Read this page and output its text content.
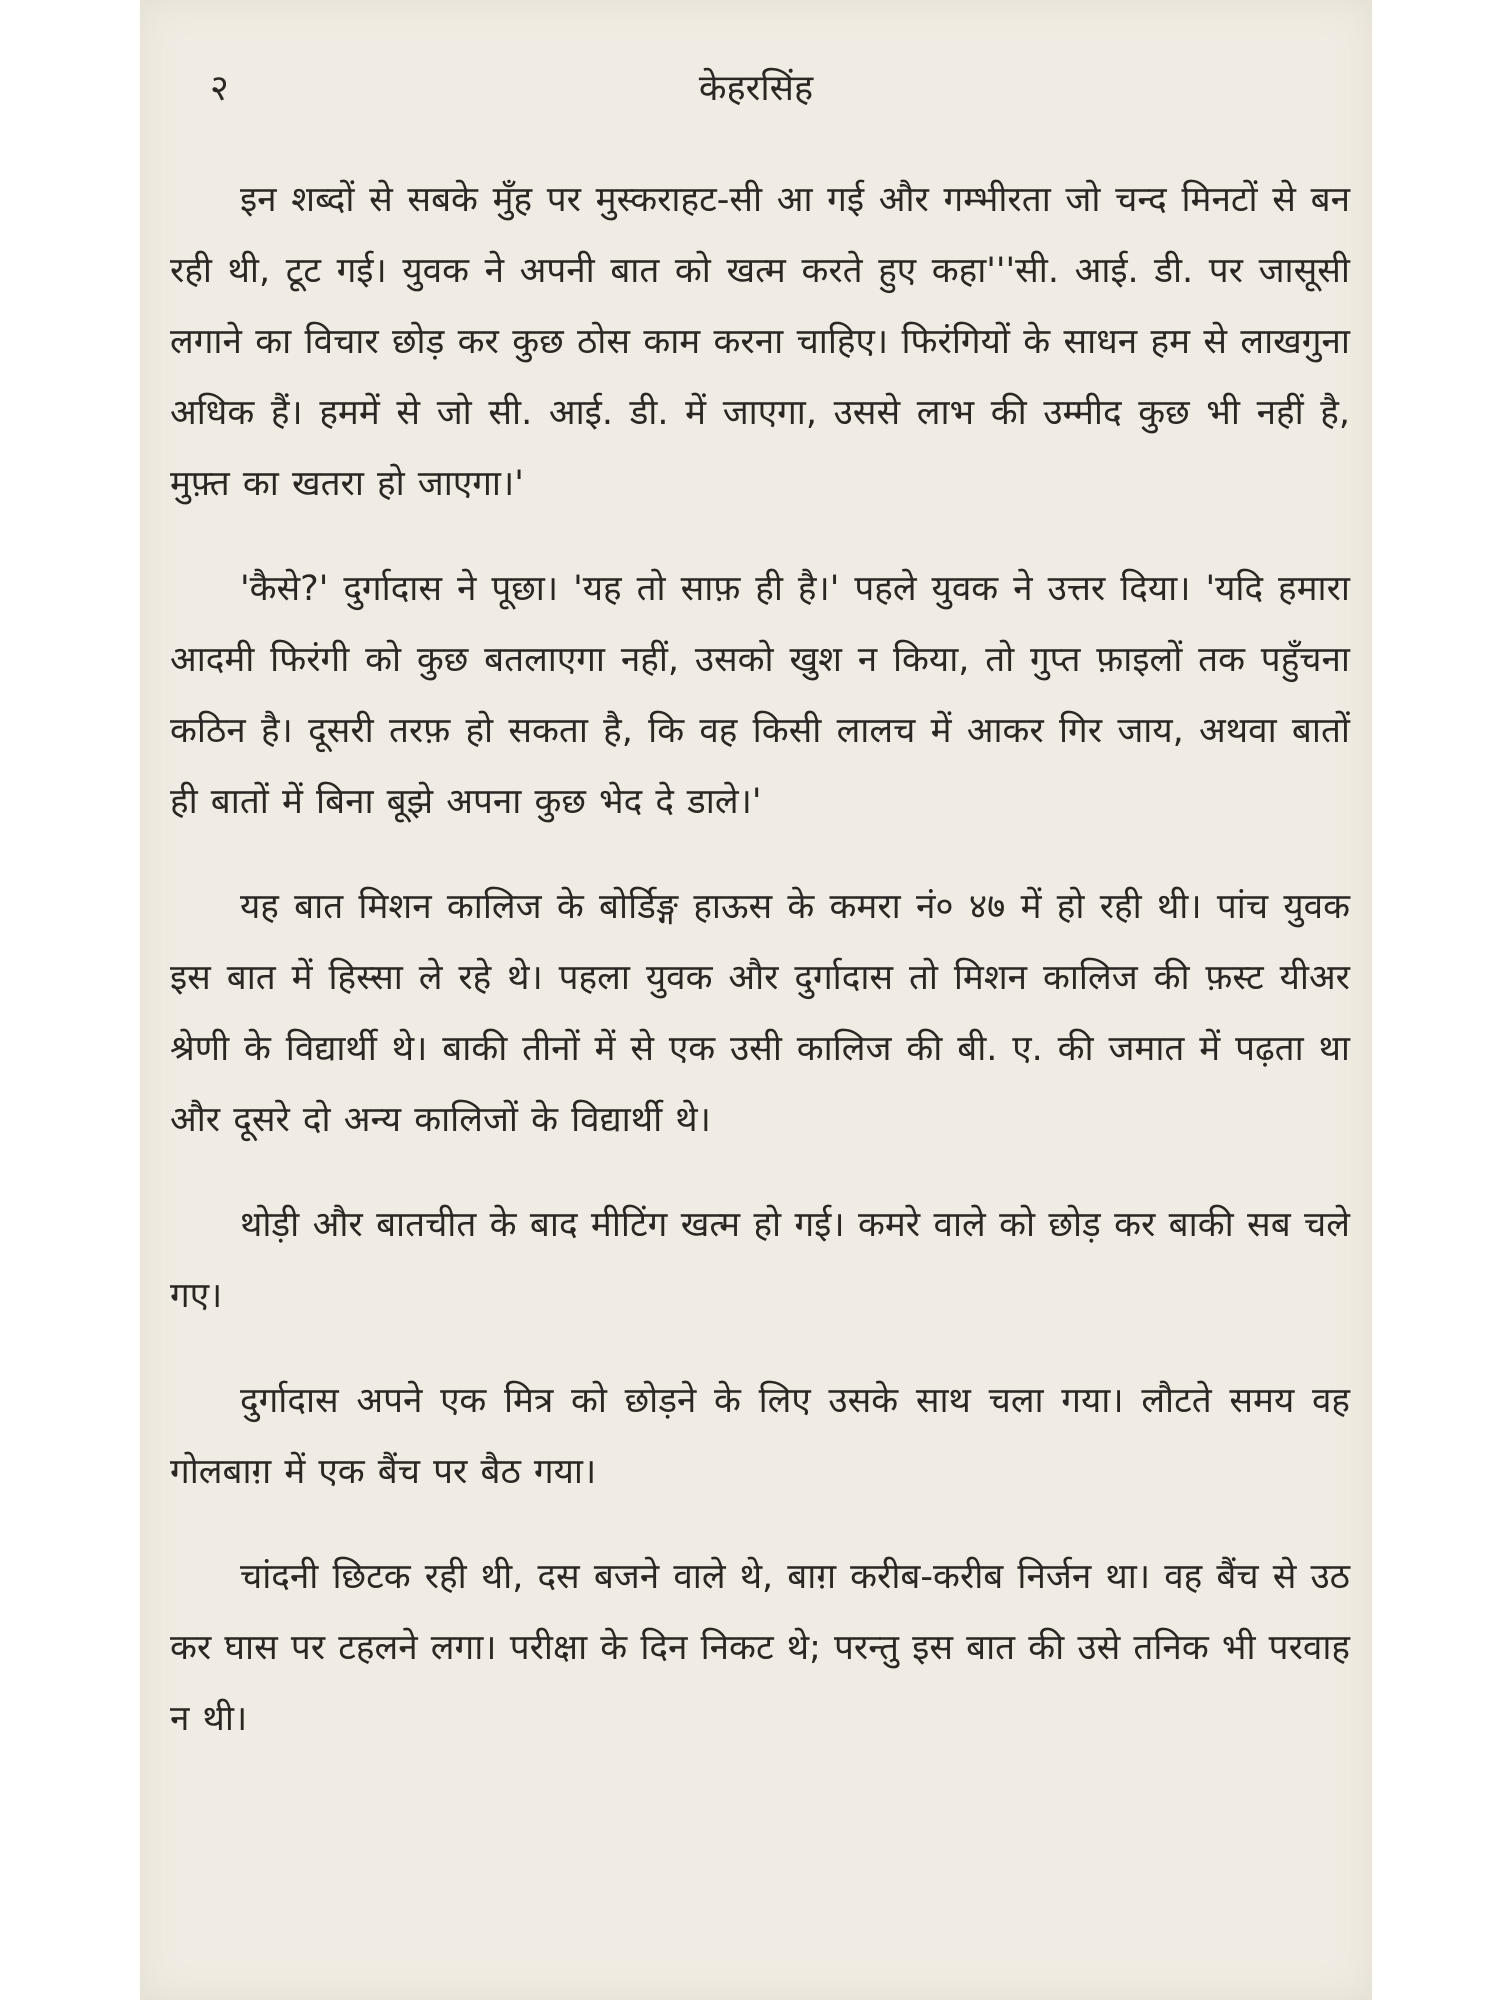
२	केहरसिंह

इन शब्दों से सबके मुँह पर मुस्कराहट-सी आ गई और गम्भीरता जो चन्द मिनटों से बन रही थी, टूट गई। युवक ने अपनी बात को खत्म करते हुए कहा'''सी. आई. डी. पर जासूसी लगाने का विचार छोड़ कर कुछ ठोस काम करना चाहिए। फिरंगियों के साधन हम से लाखगुना अधिक हैं। हममें से जो सी. आई. डी. में जाएगा, उससे लाभ की उम्मीद कुछ भी नहीं है, मुफ़्त का खतरा हो जाएगा।'

'कैसे?' दुर्गादास ने पूछा। 'यह तो साफ़ ही है।' पहले युवक ने उत्तर दिया। 'यदि हमारा आदमी फिरंगी को कुछ बतलाएगा नहीं, उसको खुश न किया, तो गुप्त फ़ाइलों तक पहुँचना कठिन है। दूसरी तरफ़ हो सकता है, कि वह किसी लालच में आकर गिर जाय, अथवा बातों ही बातों में बिना बूझे अपना कुछ भेद दे डाले।'

यह बात मिशन कालिज के बोर्डिङ्ग हाऊस के कमरा नं० ४७ में हो रही थी। पांच युवक इस बात में हिस्सा ले रहे थे। पहला युवक और दुर्गादास तो मिशन कालिज की फ़स्ट यीअर श्रेणी के विद्यार्थी थे। बाकी तीनों में से एक उसी कालिज की बी. ए. की जमात में पढ़ता था और दूसरे दो अन्य कालिजों के विद्यार्थी थे।

थोड़ी और बातचीत के बाद मीटिंग खत्म हो गई। कमरे वाले को छोड़ कर बाकी सब चले गए।

दुर्गादास अपने एक मित्र को छोड़ने के लिए उसके साथ चला गया। लौटते समय वह गोलबाग़ में एक बैंच पर बैठ गया।

चांदनी छिटक रही थी, दस बजने वाले थे, बाग़ करीब-करीब निर्जन था। वह बैंच से उठ कर घास पर टहलने लगा। परीक्षा के दिन निकट थे; परन्तु इस बात की उसे तनिक भी परवाह न थी।
